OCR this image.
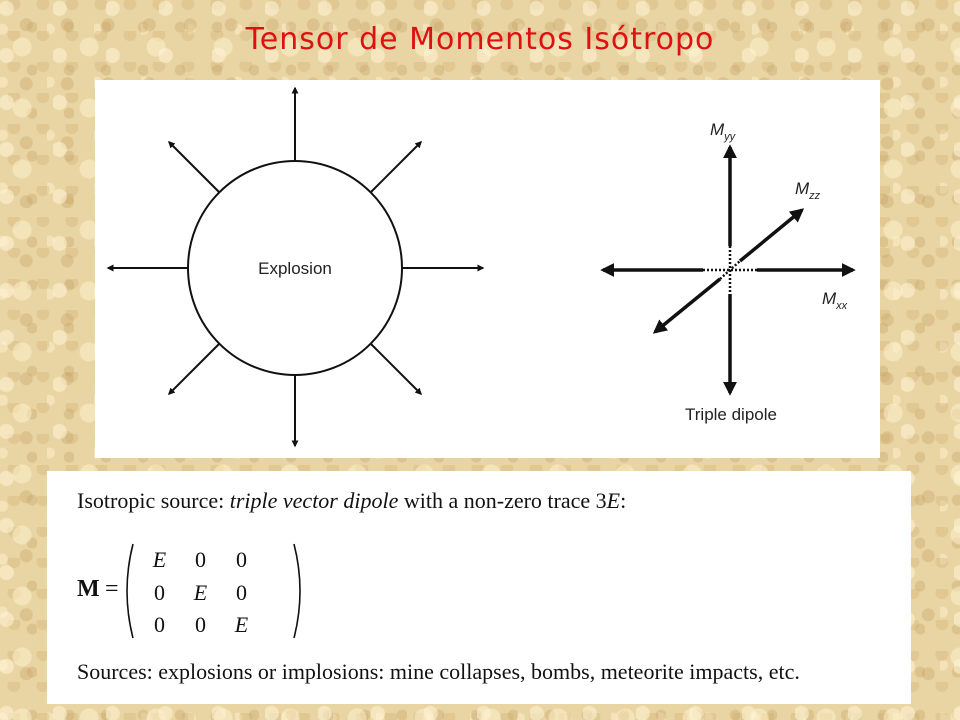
Tensor de Momentos Isótropo
Explosion
$M_{yy}$
$M_{zz}$
$M_{xx}$
Triple dipole
Isotropic source: triple vector dipole with a non-zero trace 3E:
M =
E	0	0
0	E	0
0	0	E
Sources: explosions or implosions: mine collapses, bombs, meteorite impacts, etc.
